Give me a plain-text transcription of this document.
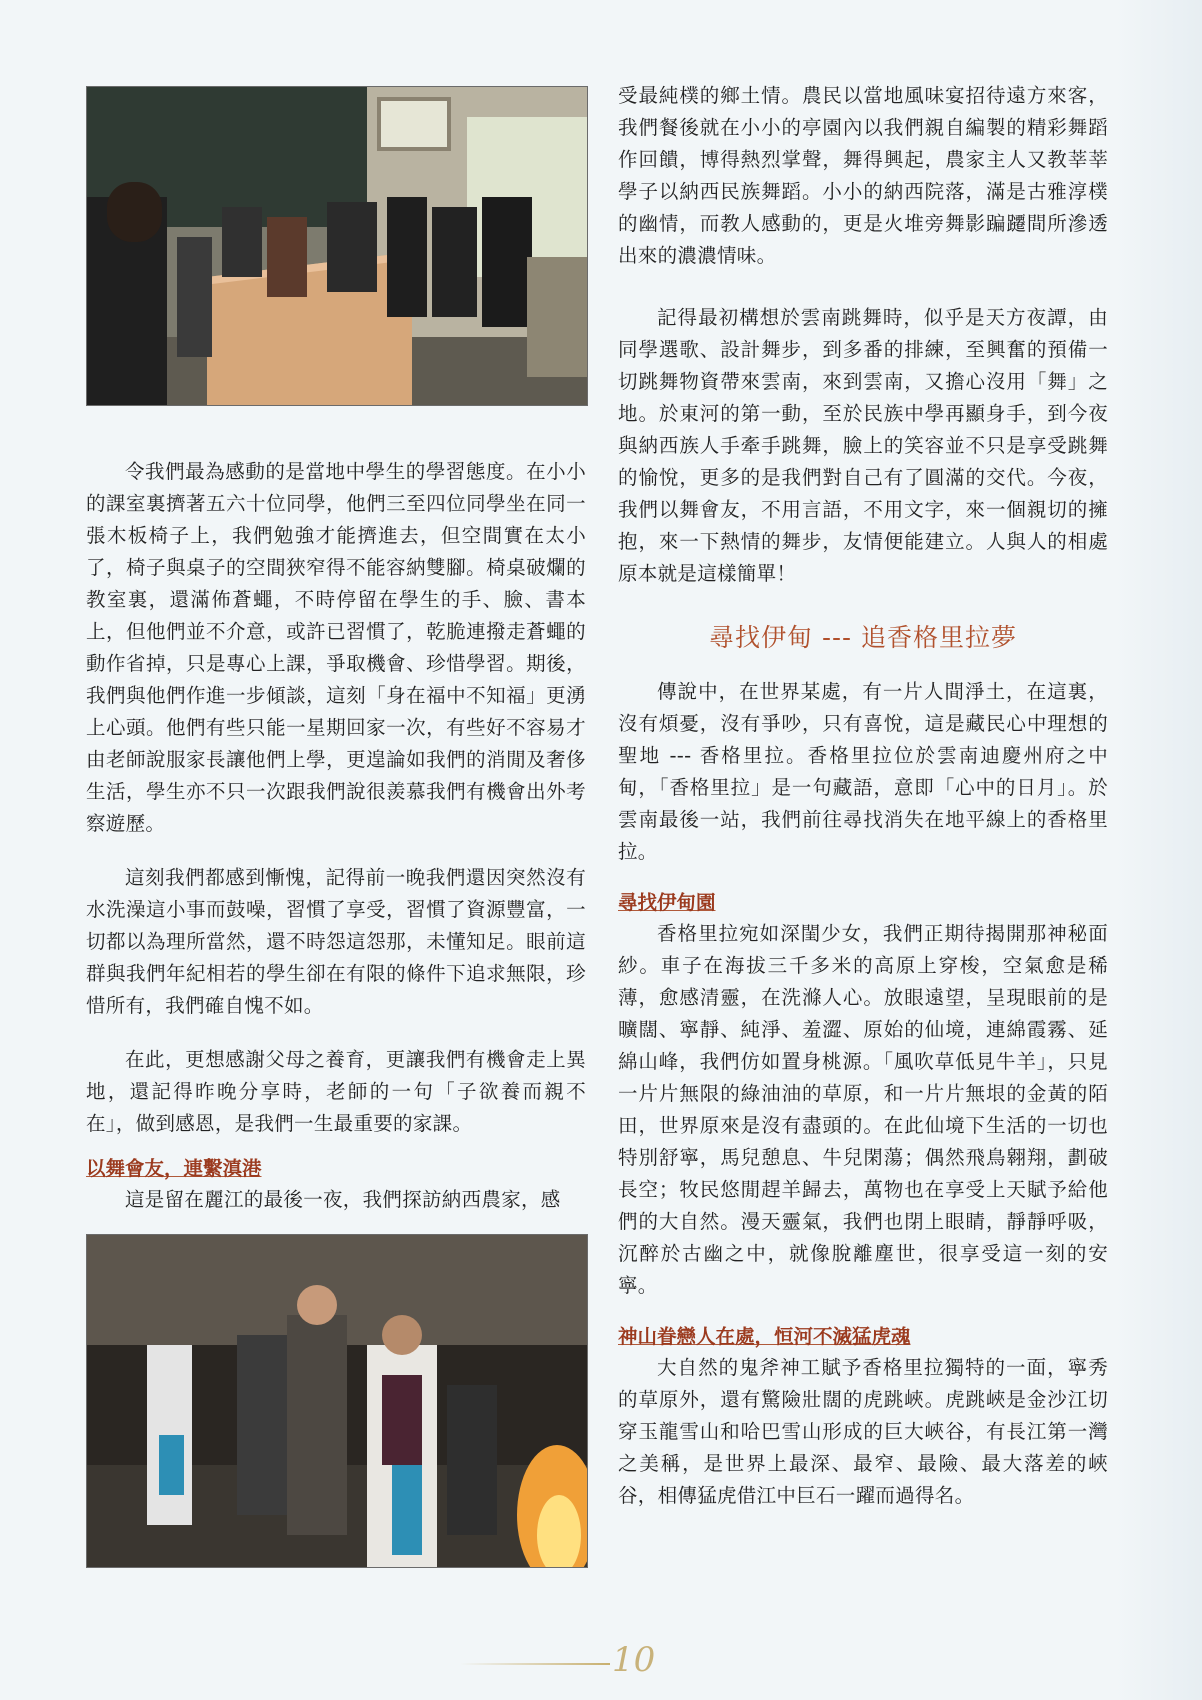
令我們最為感動的是當地中學生的學習態度。在小小的課室裏擠著五六十位同學，他們三至四位同學坐在同一張木板椅子上，我們勉強才能擠進去，但空間實在太小了，椅子與桌子的空間狹窄得不能容納雙腳。椅桌破爛的教室裏，還滿佈蒼蠅，不時停留在學生的手、臉、書本上，但他們並不介意，或許已習慣了，乾脆連撥走蒼蠅的動作省掉，只是專心上課，爭取機會、珍惜學習。期後，我們與他們作進一步傾談，這刻「身在福中不知福」更湧上心頭。他們有些只能一星期回家一次，有些好不容易才由老師說服家長讓他們上學，更遑論如我們的消閒及奢侈生活，學生亦不只一次跟我們說很羨慕我們有機會出外考察遊歷。

這刻我們都感到慚愧，記得前一晚我們還因突然沒有水洗澡這小事而鼓噪，習慣了享受，習慣了資源豐富，一切都以為理所當然，還不時怨這怨那，未懂知足。眼前這群與我們年紀相若的學生卻在有限的條件下追求無限，珍惜所有，我們確自愧不如。

在此，更想感謝父母之養育，更讓我們有機會走上異地，還記得昨晚分享時，老師的一句「子欲養而親不在」，做到感恩，是我們一生最重要的家課。

以舞會友，連繫滇港

這是留在麗江的最後一夜，我們探訪納西農家，感

受最純樸的鄉土情。農民以當地風味宴招待遠方來客，我們餐後就在小小的亭園內以我們親自編製的精彩舞蹈作回饋，博得熱烈掌聲，舞得興起，農家主人又教莘莘學子以納西民族舞蹈。小小的納西院落，滿是古雅淳樸的幽情，而教人感動的，更是火堆旁舞影蹁躚間所滲透出來的濃濃情味。

記得最初構想於雲南跳舞時，似乎是天方夜譚，由同學選歌、設計舞步，到多番的排練，至興奮的預備一切跳舞物資帶來雲南，來到雲南，又擔心沒用「舞」之地。於東河的第一動，至於民族中學再顯身手，到今夜與納西族人手牽手跳舞，臉上的笑容並不只是享受跳舞的愉悅，更多的是我們對自己有了圓滿的交代。今夜，我們以舞會友，不用言語，不用文字，來一個親切的擁抱，來一下熱情的舞步，友情便能建立。人與人的相處原本就是這樣簡單！

尋找伊甸 --- 追香格里拉夢

傳說中，在世界某處，有一片人間淨土，在這裏，沒有煩憂，沒有爭吵，只有喜悅，這是藏民心中理想的聖地 --- 香格里拉。香格里拉位於雲南迪慶州府之中甸，「香格里拉」是一句藏語，意即「心中的日月」。於雲南最後一站，我們前往尋找消失在地平線上的香格里拉。

尋找伊甸園

香格里拉宛如深閨少女，我們正期待揭開那神秘面紗。車子在海拔三千多米的高原上穿梭，空氣愈是稀薄，愈感清靈，在洗滌人心。放眼遠望，呈現眼前的是曠闊、寧靜、純淨、羞澀、原始的仙境，連綿霞霧、延綿山峰，我們仿如置身桃源。「風吹草低見牛羊」，只見一片片無限的綠油油的草原，和一片片無垠的金黃的陌田，世界原來是沒有盡頭的。在此仙境下生活的一切也特別舒寧，馬兒憩息、牛兒閑蕩；偶然飛鳥翱翔，劃破長空；牧民悠閒趕羊歸去，萬物也在享受上天賦予給他們的大自然。漫天靈氣，我們也閉上眼睛，靜靜呼吸，沉醉於古幽之中，就像脫離塵世，很享受這一刻的安寧。

神山眷戀人在處，恒河不滅猛虎魂

大自然的鬼斧神工賦予香格里拉獨特的一面，寧秀的草原外，還有驚險壯闊的虎跳峽。虎跳峽是金沙江切穿玉龍雪山和哈巴雪山形成的巨大峽谷，有長江第一灣之美稱，是世界上最深、最窄、最險、最大落差的峽谷，相傳猛虎借江中巨石一躍而過得名。

10
